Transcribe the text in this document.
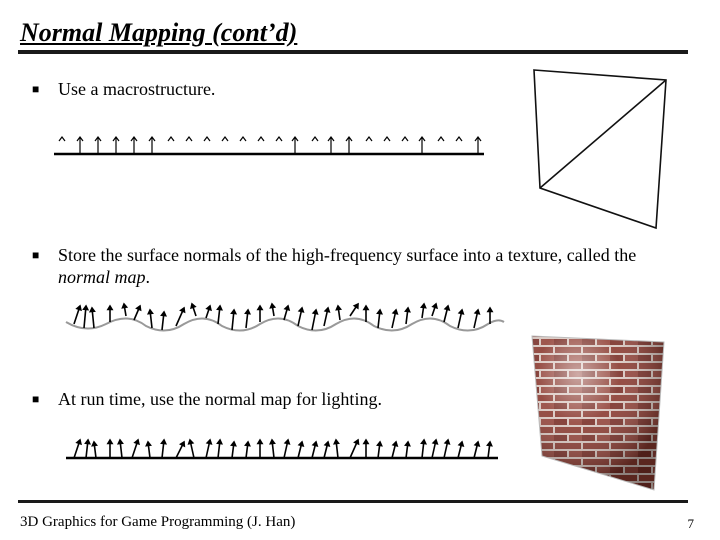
Normal Mapping (cont’d)
■ Use a macrostructure.
■ Store the surface normals of the high-frequency surface into a texture, called the normal map.
■ At run time, use the normal map for lighting.
3D Graphics for Game Programming (J. Han)	7
